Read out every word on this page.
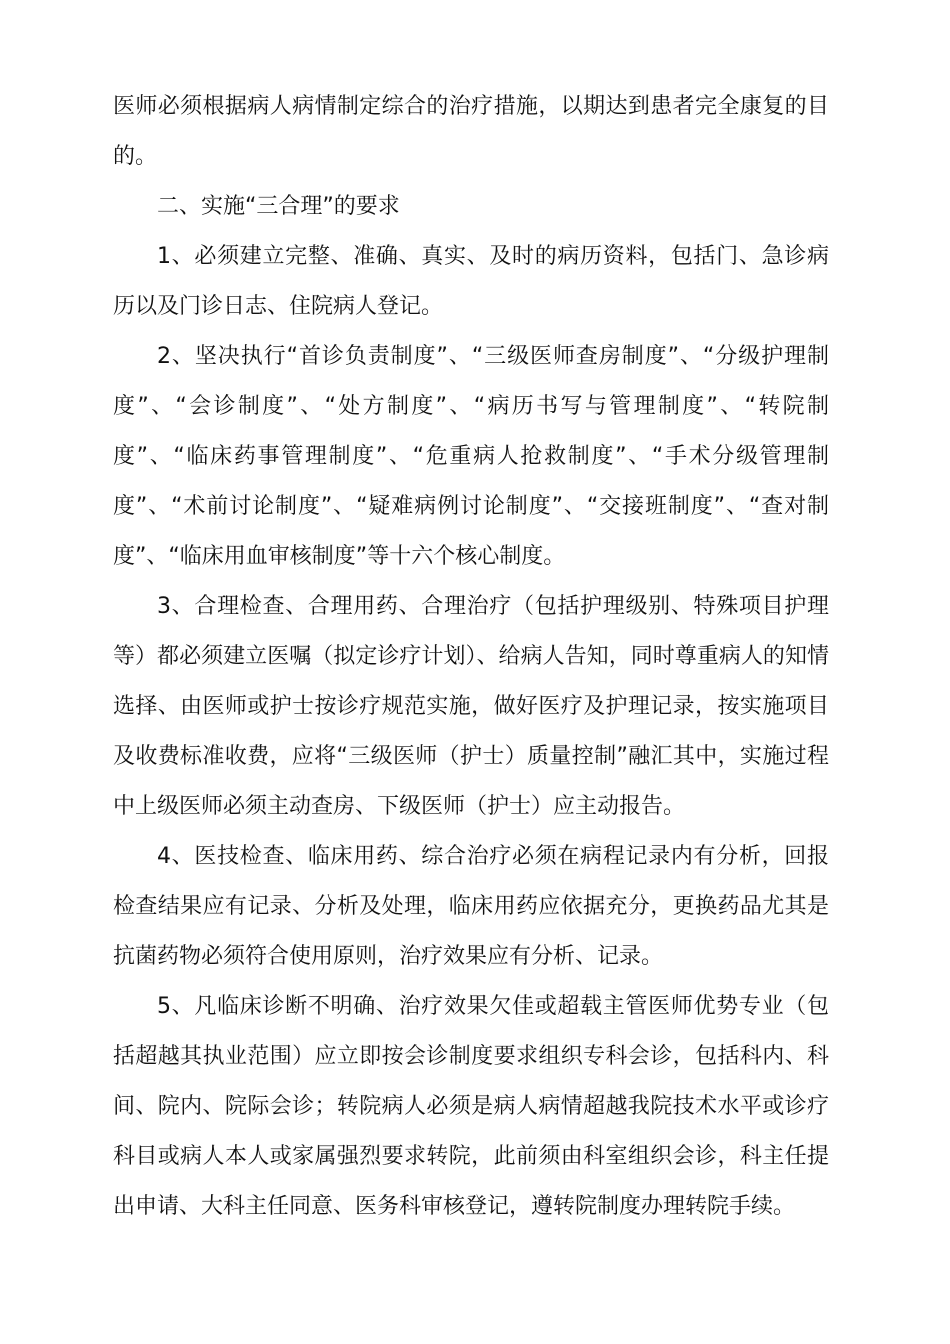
医师必须根据病人病情制定综合的治疗措施，以期达到患者完全康复的目的。

二、实施“三合理”的要求

1、必须建立完整、准确、真实、及时的病历资料，包括门、急诊病历以及门诊日志、住院病人登记。

2、坚决执行“首诊负责制度”、“三级医师查房制度”、“分级护理制度”、“会诊制度”、“处方制度”、“病历书写与管理制度”、“转院制度”、“临床药事管理制度”、“危重病人抢救制度”、“手术分级管理制度”、“术前讨论制度”、“疑难病例讨论制度”、“交接班制度”、“查对制度”、“临床用血审核制度”等十六个核心制度。

3、合理检查、合理用药、合理治疗（包括护理级别、特殊项目护理等）都必须建立医嘱（拟定诊疗计划）、给病人告知，同时尊重病人的知情选择、由医师或护士按诊疗规范实施，做好医疗及护理记录，按实施项目及收费标准收费，应将“三级医师（护士）质量控制”融汇其中，实施过程中上级医师必须主动查房、下级医师（护士）应主动报告。

4、医技检查、临床用药、综合治疗必须在病程记录内有分析，回报检查结果应有记录、分析及处理，临床用药应依据充分，更换药品尤其是抗菌药物必须符合使用原则，治疗效果应有分析、记录。

5、凡临床诊断不明确、治疗效果欠佳或超载主管医师优势专业（包括超越其执业范围）应立即按会诊制度要求组织专科会诊，包括科内、科间、院内、院际会诊；转院病人必须是病人病情超越我院技术水平或诊疗科目或病人本人或家属强烈要求转院，此前须由科室组织会诊，科主任提出申请、大科主任同意、医务科审核登记，遵转院制度办理转院手续。
